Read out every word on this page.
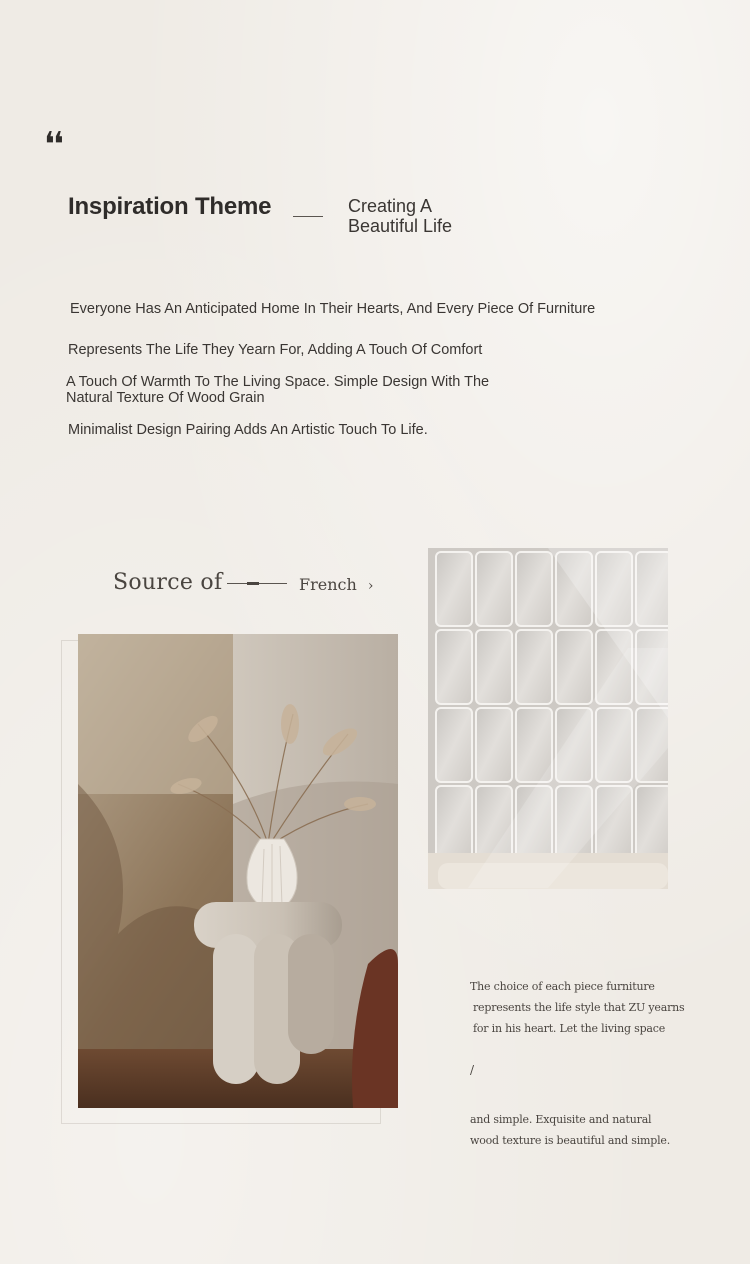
❛❛
Inspiration Theme	Creating A
Beautiful Life
Everyone Has An Anticipated Home In Their Hearts, And Every Piece Of Furniture
Represents The Life They Yearn For, Adding A Touch Of Comfort
A Touch Of Warmth To The Living Space. Simple Design With The
Natural Texture Of Wood Grain
Minimalist Design Pairing Adds An Artistic Touch To Life.
Source of	French ›
The choice of each piece furniture
represents the life style that ZU yearns
for in his heart. Let the living space
/
and simple. Exquisite and natural
wood texture is beautiful and simple.
